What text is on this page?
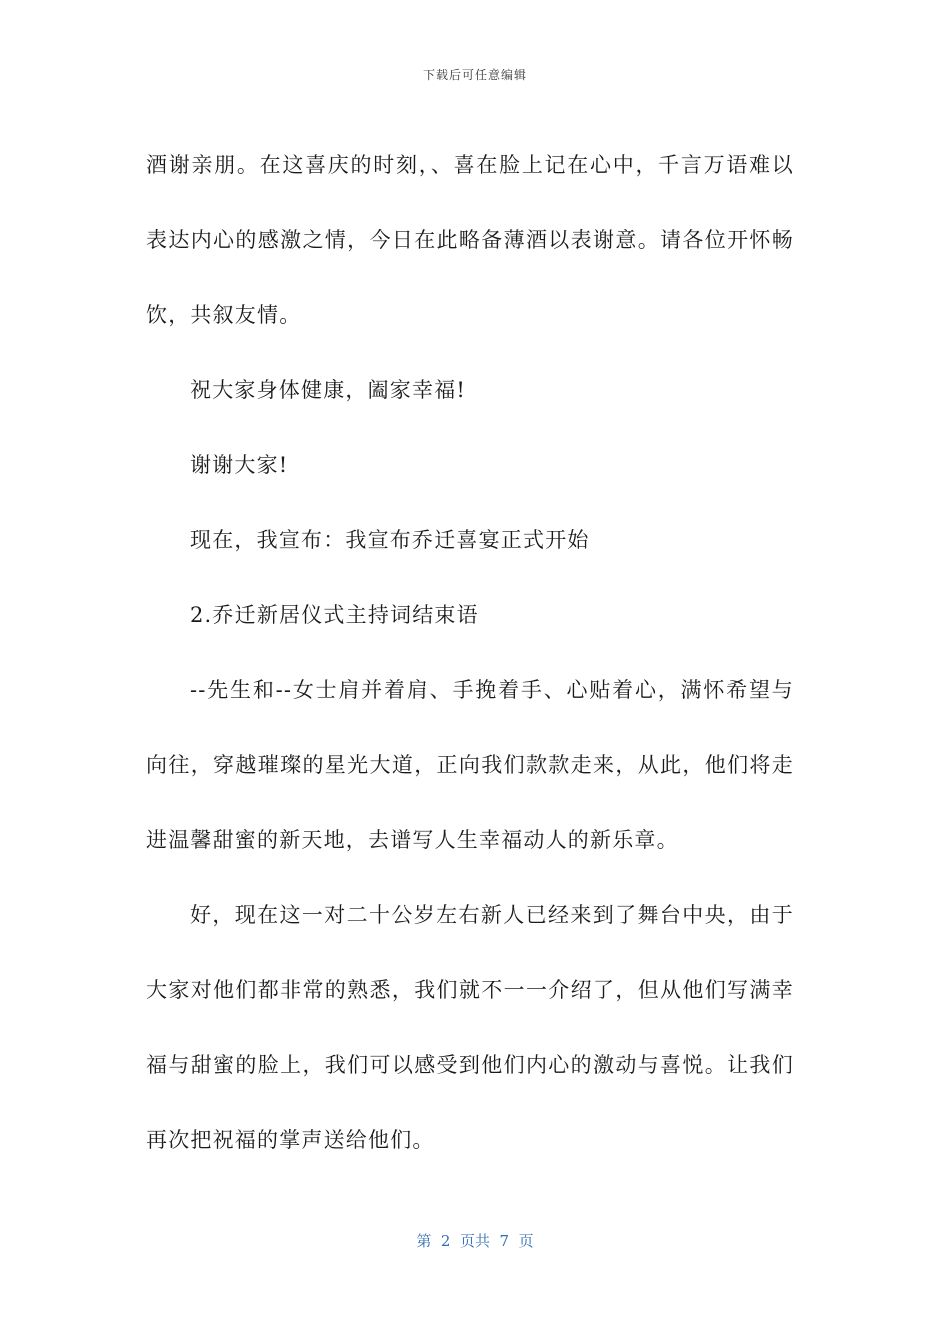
下载后可任意编辑

酒谢亲朋。在这喜庆的时刻，、喜在脸上记在心中，千言万语难以表达内心的感激之情，今日在此略备薄酒以表谢意。请各位开怀畅饮，共叙友情。

祝大家身体健康，阖家幸福!

谢谢大家!

现在，我宣布：我宣布乔迁喜宴正式开始

2.乔迁新居仪式主持词结束语

--先生和--女士肩并着肩、手挽着手、心贴着心，满怀希望与向往，穿越璀璨的星光大道，正向我们款款走来，从此，他们将走进温馨甜蜜的新天地，去谱写人生幸福动人的新乐章。

好，现在这一对二十公岁左右新人已经来到了舞台中央，由于大家对他们都非常的熟悉，我们就不一一介绍了，但从他们写满幸福与甜蜜的脸上，我们可以感受到他们内心的激动与喜悦。让我们再次把祝福的掌声送给他们。

第  2  页共  7  页
